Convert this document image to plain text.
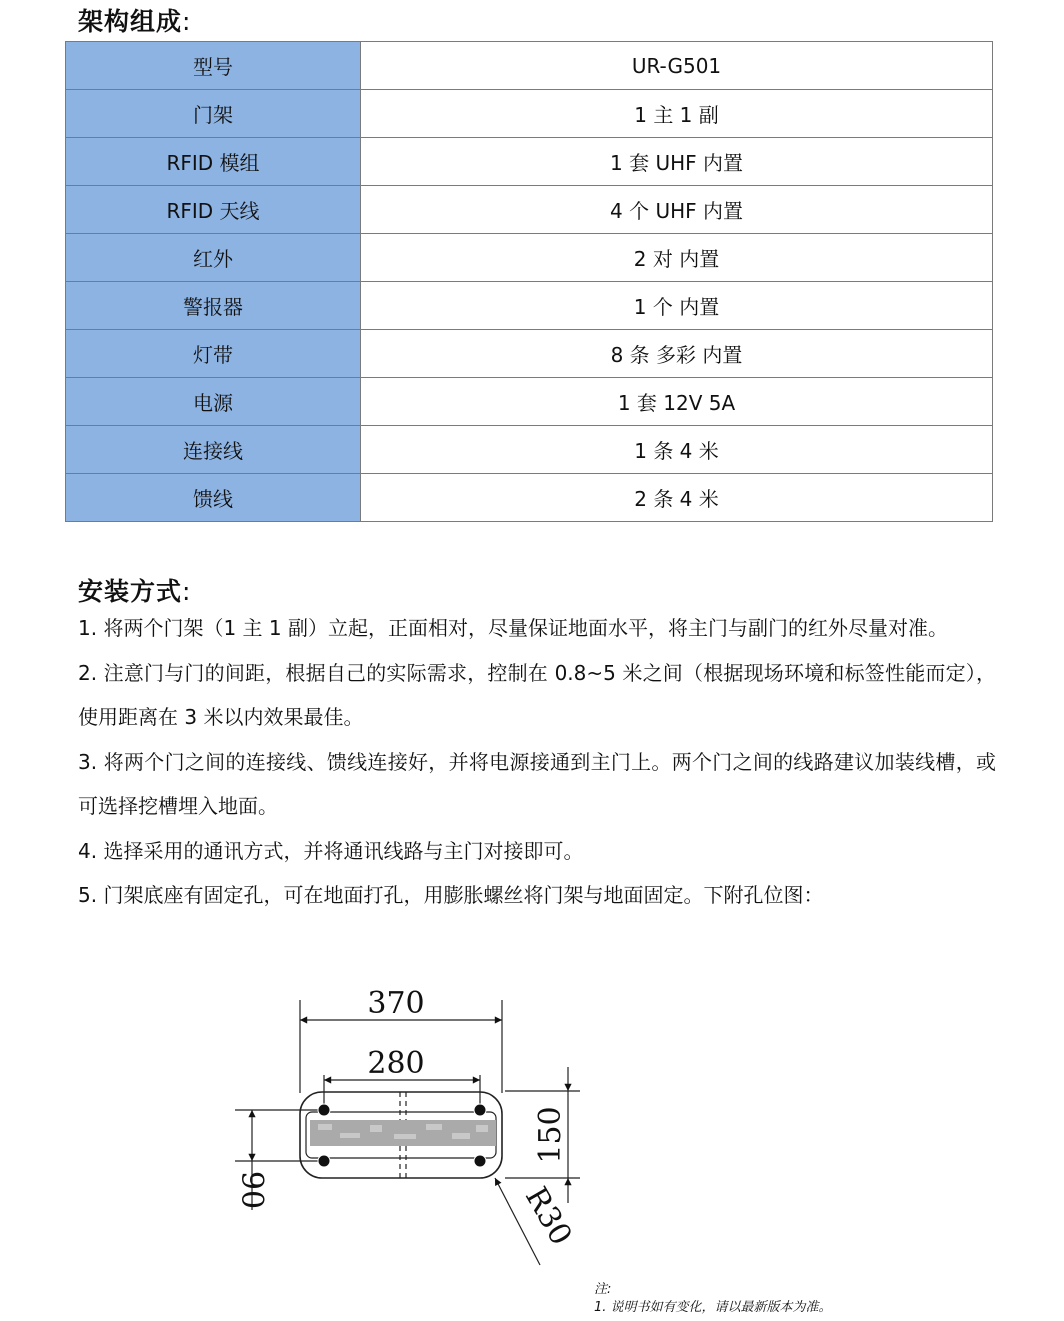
架构组成:
型号	UR-G501
门架	1 主 1 副
RFID 模组	1 套 UHF 内置
RFID 天线	4 个 UHF 内置
红外	2 对 内置
警报器	1 个 内置
灯带	8 条 多彩 内置
电源	1 套 12V 5A
连接线	1 条 4 米
馈线	2 条 4 米
安装方式:

1. 将两个门架（1 主 1 副）立起，正面相对，尽量保证地面水平，将主门与副门的红外尽量对准。

2. 注意门与门的间距，根据自己的实际需求，控制在 0.8~5 米之间（根据现场环境和标签性能而定），使用距离在 3 米以内效果最佳。

3. 将两个门之间的连接线、馈线连接好，并将电源接通到主门上。两个门之间的线路建议加装线槽，或可选择挖槽埋入地面。

4. 选择采用的通讯方式，并将通讯线路与主门对接即可。

5. 门架底座有固定孔，可在地面打孔，用膨胀螺丝将门架与地面固定。下附孔位图：

370
280
150
90	R30
注:
1. 说明书如有变化，请以最新版本为准。
